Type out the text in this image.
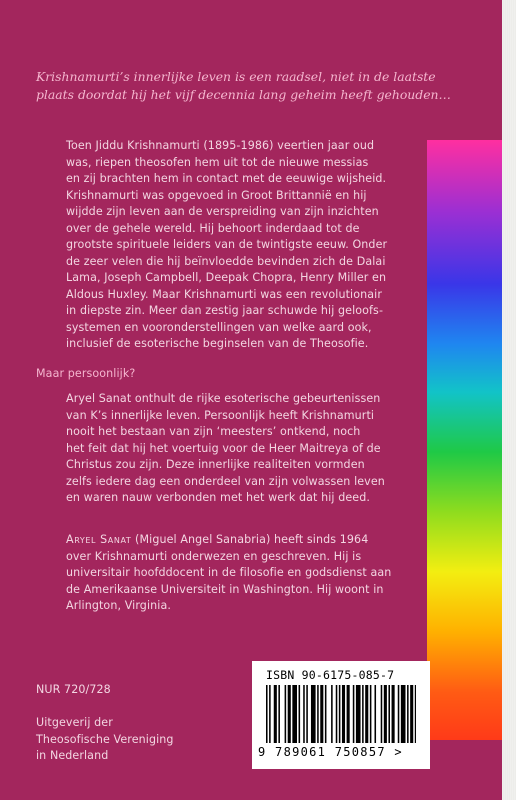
Krishnamurti’s innerlijke leven is een raadsel, niet in de laatste
plaats doordat hij het vijf decennia lang geheim heeft gehouden…
Toen Jiddu Krishnamurti (1895-1986) veertien jaar oud
was, riepen theosofen hem uit tot de nieuwe messias
en zij brachten hem in contact met de eeuwige wijsheid.
Krishnamurti was opgevoed in Groot Brittannië en hij
wijdde zijn leven aan de verspreiding van zijn inzichten
over de gehele wereld. Hij behoort inderdaad tot de
grootste spirituele leiders van de twintigste eeuw. Onder
de zeer velen die hij beïnvloedde bevinden zich de Dalai
Lama, Joseph Campbell, Deepak Chopra, Henry Miller en
Aldous Huxley. Maar Krishnamurti was een revolutionair
in diepste zin. Meer dan zestig jaar schuwde hij geloofs-
systemen en vooronderstellingen van welke aard ook,
inclusief de esoterische beginselen van de Theosofie.
Maar persoonlijk?
Aryel Sanat onthult de rijke esoterische gebeurtenissen
van K’s innerlijke leven. Persoonlijk heeft Krishnamurti
nooit het bestaan van zijn ‘meesters’ ontkend, noch
het feit dat hij het voertuig voor de Heer Maitreya of de
Christus zou zijn. Deze innerlijke realiteiten vormden
zelfs iedere dag een onderdeel van zijn volwassen leven
en waren nauw verbonden met het werk dat hij deed.
Aryel Sanat (Miguel Angel Sanabria) heeft sinds 1964
over Krishnamurti onderwezen en geschreven. Hij is
universitair hoofddocent in de filosofie en godsdienst aan
de Amerikaanse Universiteit in Washington. Hij woont in
Arlington, Virginia.
NUR 720/728
Uitgeverij der
Theosofische Vereniging
in Nederland
ISBN 90-6175-085-7
9 789061 750857 >
